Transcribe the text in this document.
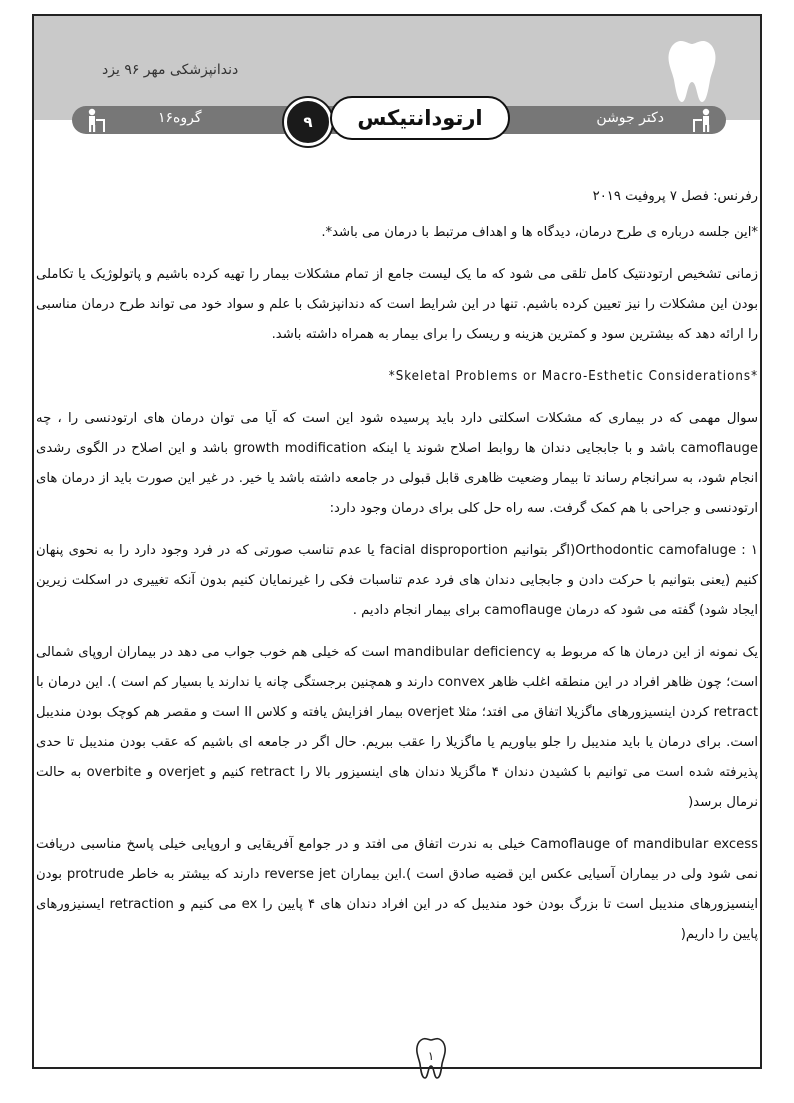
دندانپزشکی مهر ۹۶ یزد
گروه۱۶	دکتر جوشن
۹	ارتودانتیکس
۱

رفرنس: فصل ۷ پروفیت ۲۰۱۹

*این جلسه درباره ی طرح درمان، دیدگاه ها و اهداف مرتبط با درمان می باشد*.

زمانی تشخیص ارتودنتیک کامل تلقی می شود که ما یک لیست جامع از تمام مشکلات بیمار را تهیه کرده باشیم و پاتولوژیک یا تکاملی بودن این مشکلات را نیز تعیین کرده باشیم. تنها در این شرایط است که دندانپزشک با علم و سواد خود می تواند طرح درمان مناسبی را ارائه دهد که بیشترین سود و کمترین هزینه و ریسک را برای بیمار به همراه داشته باشد.

*Skeletal Problems or Macro-Esthetic Considerations*

سوال مهمی که در بیماری که مشکلات اسکلتی دارد باید پرسیده شود این است که آیا می توان درمان های ارتودنسی را ، چه camoflauge باشد و با جابجایی دندان ها روابط اصلاح شوند یا اینکه growth modification باشد و این اصلاح در الگوی رشدی انجام شود، به سرانجام رساند تا بیمار وضعیت ظاهری قابل قبولی در جامعه داشته باشد یا خیر. در غیر این صورت باید از درمان های ارتودنسی و جراحی با هم کمک گرفت. سه راه حل کلی برای درمان وجود دارد:

۱ : Orthodontic camofaluge(اگر بتوانیم facial disproportion یا عدم تناسب صورتی که در فرد وجود دارد را به نحوی پنهان کنیم (یعنی بتوانیم با حرکت دادن و جابجایی دندان های فرد عدم تناسبات فکی را غیرنمایان کنیم بدون آنکه تغییری در اسکلت زیرین ایجاد شود) گفته می شود که درمان camoflauge برای بیمار انجام دادیم .

یک نمونه از این درمان ها که مربوط به mandibular deficiency است که خیلی هم خوب جواب می دهد در بیماران اروپای شمالی است؛ چون ظاهر افراد در این منطقه اغلب ظاهر convex دارند و همچنین برجستگی چانه یا ندارند یا بسیار کم است ). این درمان با retract کردن اینسیزورهای ماگزیلا اتفاق می افتد؛ مثلا overjet بیمار افزایش یافته و کلاس II است و مقصر هم کوچک بودن مندیبل است. برای درمان یا باید مندیبل را جلو بیاوریم یا ماگزیلا را عقب ببریم. حال اگر در جامعه ای باشیم که عقب بودن مندیبل تا حدی پذیرفته شده است می توانیم با کشیدن دندان ۴ ماگزیلا دندان های اینسیزور بالا را retract کنیم و overjet و overbite به حالت نرمال برسد(

Camoflauge of mandibular excess خیلی به ندرت اتفاق می افتد و در جوامع آفریقایی و اروپایی خیلی پاسخ مناسبی دریافت نمی شود ولی در بیماران آسیایی عکس این قضیه صادق است ).این بیماران reverse jet دارند که بیشتر به خاطر protrude بودن اینسیزورهای مندیبل است تا بزرگ بودن خود مندیبل که در این افراد دندان های ۴ پایین را ex می کنیم و retraction ایسنیزورهای پایین را داریم(
